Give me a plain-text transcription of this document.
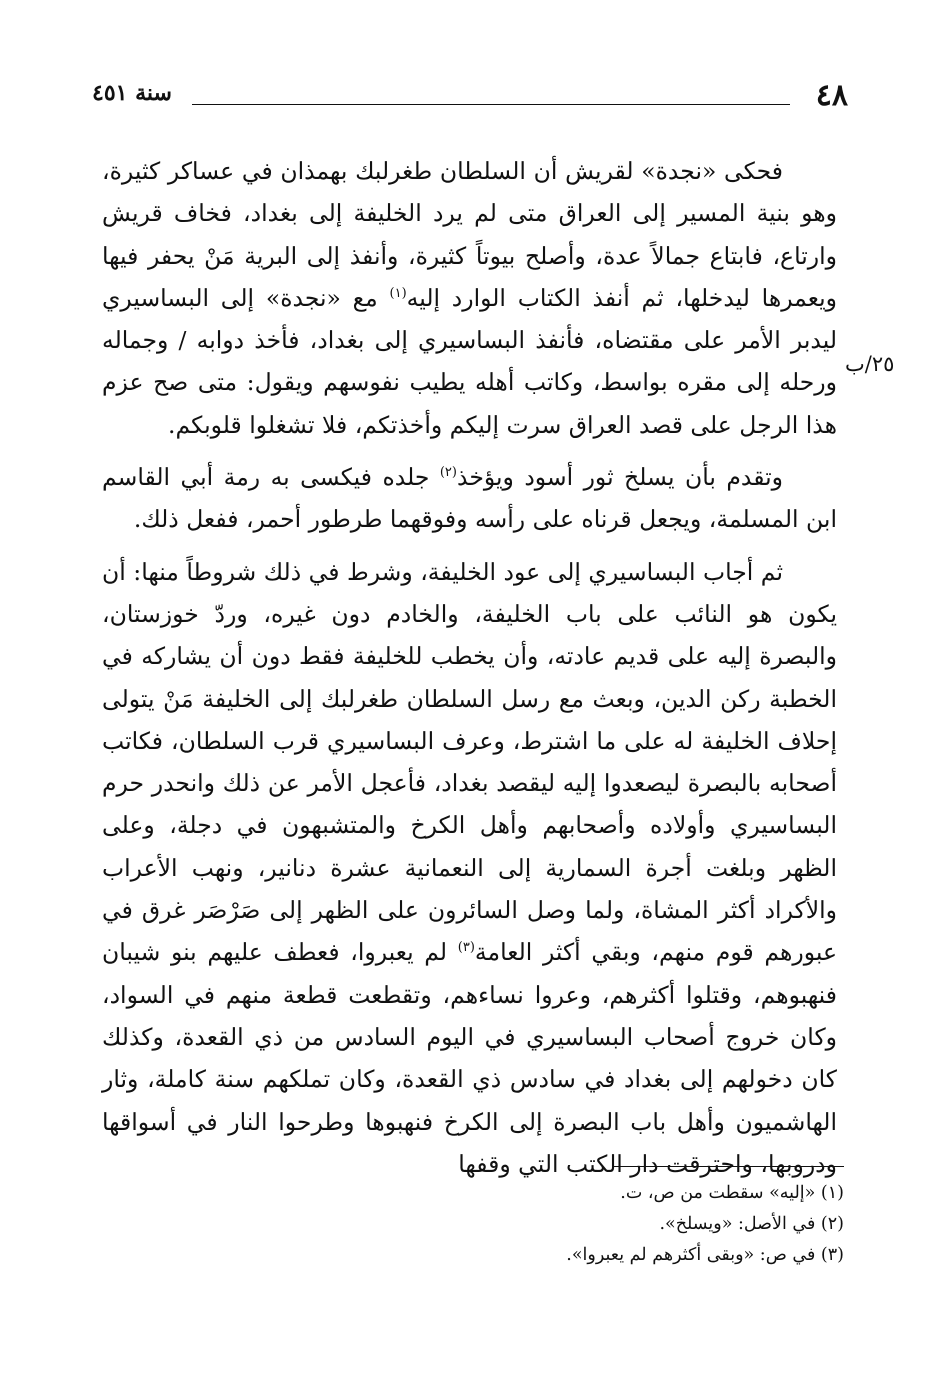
٤٨
سنة ٤٥١
٢٥/ب

فحكى «نجدة» لقريش أن السلطان طغرلبك بهمذان في عساكر كثيرة، وهو بنية المسير إلى العراق متى لم يرد الخليفة إلى بغداد، فخاف قريش وارتاع، فابتاع جمالاً عدة، وأصلح بيوتاً كثيرة، وأنفذ إلى البرية مَنْ يحفر فيها ويعمرها ليدخلها، ثم أنفذ الكتاب الوارد إليه$^{(١)}$ مع «نجدة» إلى البساسيري ليدبر الأمر على مقتضاه، فأنفذ البساسيري إلى بغداد، فأخذ دوابه / وجماله ورحله إلى مقره بواسط، وكاتب أهله يطيب نفوسهم ويقول: متى صح عزم هذا الرجل على قصد العراق سرت إليكم وأخذتكم، فلا تشغلوا قلوبكم.

وتقدم بأن يسلخ ثور أسود ويؤخذ$^{(٢)}$ جلده فيكسى به رمة أبي القاسم ابن المسلمة، ويجعل قرناه على رأسه وفوقهما طرطور أحمر، ففعل ذلك.

ثم أجاب البساسيري إلى عود الخليفة، وشرط في ذلك شروطاً منها: أن يكون هو النائب على باب الخليفة، والخادم دون غيره، وردّ خوزستان، والبصرة إليه على قديم عادته، وأن يخطب للخليفة فقط دون أن يشاركه في الخطبة ركن الدين، وبعث مع رسل السلطان طغرلبك إلى الخليفة مَنْ يتولى إحلاف الخليفة له على ما اشترط، وعرف البساسيري قرب السلطان، فكاتب أصحابه بالبصرة ليصعدوا إليه ليقصد بغداد، فأعجل الأمر عن ذلك وانحدر حرم البساسيري وأولاده وأصحابهم وأهل الكرخ والمتشبهون في دجلة، وعلى الظهر وبلغت أجرة السمارية إلى النعمانية عشرة دنانير، ونهب الأعراب والأكراد أكثر المشاة، ولما وصل السائرون على الظهر إلى صَرْصَر غرق في عبورهم قوم منهم، وبقي أكثر العامة$^{(٣)}$ لم يعبروا، فعطف عليهم بنو شيبان فنهبوهم، وقتلوا أكثرهم، وعروا نساءهم، وتقطعت قطعة منهم في السواد، وكان خروج أصحاب البساسيري في اليوم السادس من ذي القعدة، وكذلك كان دخولهم إلى بغداد في سادس ذي القعدة، وكان تملكهم سنة كاملة، وثار الهاشميون وأهل باب البصرة إلى الكرخ فنهبوها وطرحوا النار في أسواقها ودروبها، واحترقت دار الكتب التي وقفها

(١) «إليه» سقطت من ص، ت.

(٢) في الأصل: «ويسلخ».

(٣) في ص: «وبقى أكثرهم لم يعبروا».
